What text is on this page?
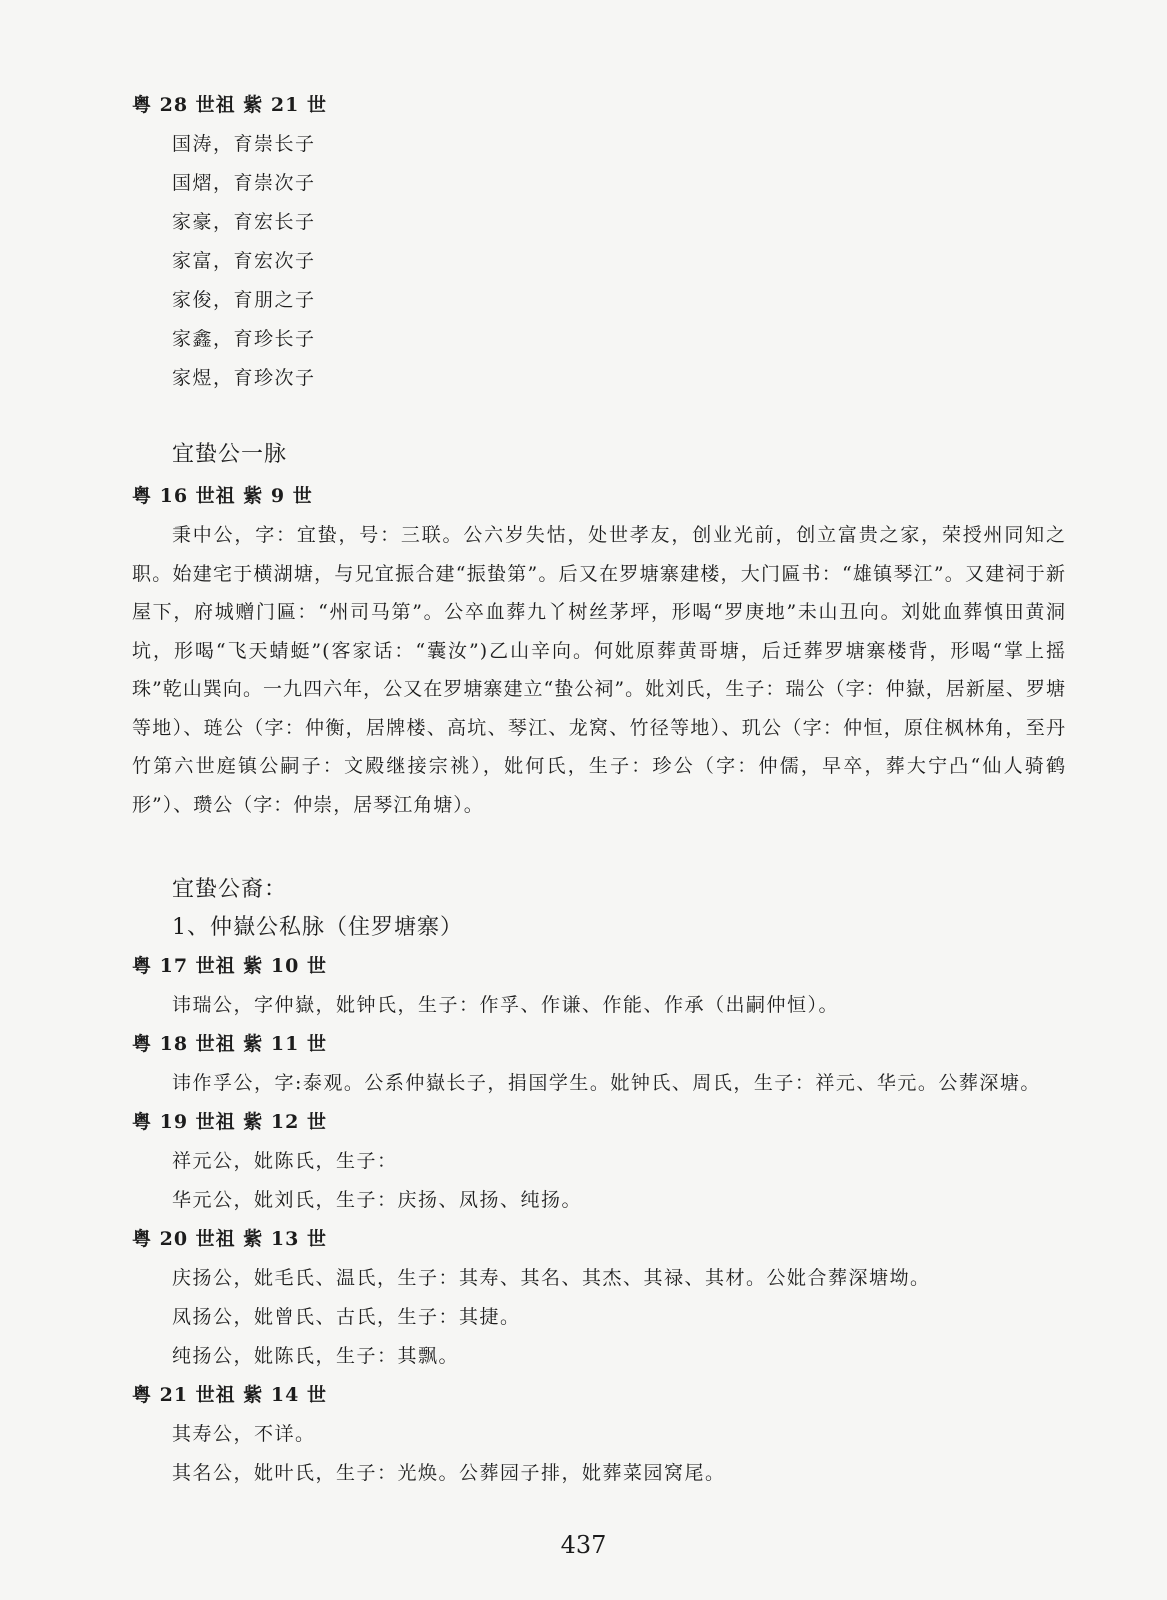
粤 28 世祖 紫 21 世
国涛，育崇长子
国熠，育崇次子
家豪，育宏长子
家富，育宏次子
家俊，育朋之子
家鑫，育珍长子
家煜，育珍次子
宜蛰公一脉
粤 16 世祖 紫 9 世

秉中公，字：宜蛰，号：三联。公六岁失怙，处世孝友，创业光前，创立富贵之家，荣授州同知之职。始建宅于横湖塘，与兄宜振合建“振蛰第”。后又在罗塘寨建楼，大门匾书：“雄镇琴江”。又建祠于新屋下，府城赠门匾：“州司马第”。公卒血葬九丫树丝茅坪，形喝“罗庚地”未山丑向。刘妣血葬慎田黄洞坑，形喝“飞天蜻蜓”(客家话：“囊汝”)乙山辛向。何妣原葬黄哥塘，后迁葬罗塘寨楼背，形喝“掌上摇珠”乾山巽向。一九四六年，公又在罗塘寨建立“蛰公祠”。妣刘氏，生子：瑞公（字：仲嶽，居新屋、罗塘等地）、琏公（字：仲衡，居牌楼、高坑、琴江、龙窝、竹径等地）、玑公（字：仲恒，原住枫林角，至丹竹第六世庭镇公嗣子：文殿继接宗祧），妣何氏，生子：珍公（字：仲儒，早卒，葬大宁凸“仙人骑鹤形”）、瓒公（字：仲崇，居琴江角塘）。

宜蛰公裔：
1、仲嶽公私脉（住罗塘寨）
粤 17 世祖 紫 10 世
讳瑞公，字仲嶽，妣钟氏，生子：作孚、作谦、作能、作承（出嗣仲恒）。
粤 18 世祖 紫 11 世
讳作孚公，字:泰观。公系仲嶽长子，捐国学生。妣钟氏、周氏，生子：祥元、华元。公葬深塘。
粤 19 世祖 紫 12 世
祥元公，妣陈氏，生子：
华元公，妣刘氏，生子：庆扬、凤扬、纯扬。
粤 20 世祖 紫 13 世
庆扬公，妣毛氏、温氏，生子：其寿、其名、其杰、其禄、其材。公妣合葬深塘坳。
凤扬公，妣曾氏、古氏，生子：其捷。
纯扬公，妣陈氏，生子：其飘。
粤 21 世祖 紫 14 世
其寿公，不详。
其名公，妣叶氏，生子：光焕。公葬园子排，妣葬菜园窝尾。
437
